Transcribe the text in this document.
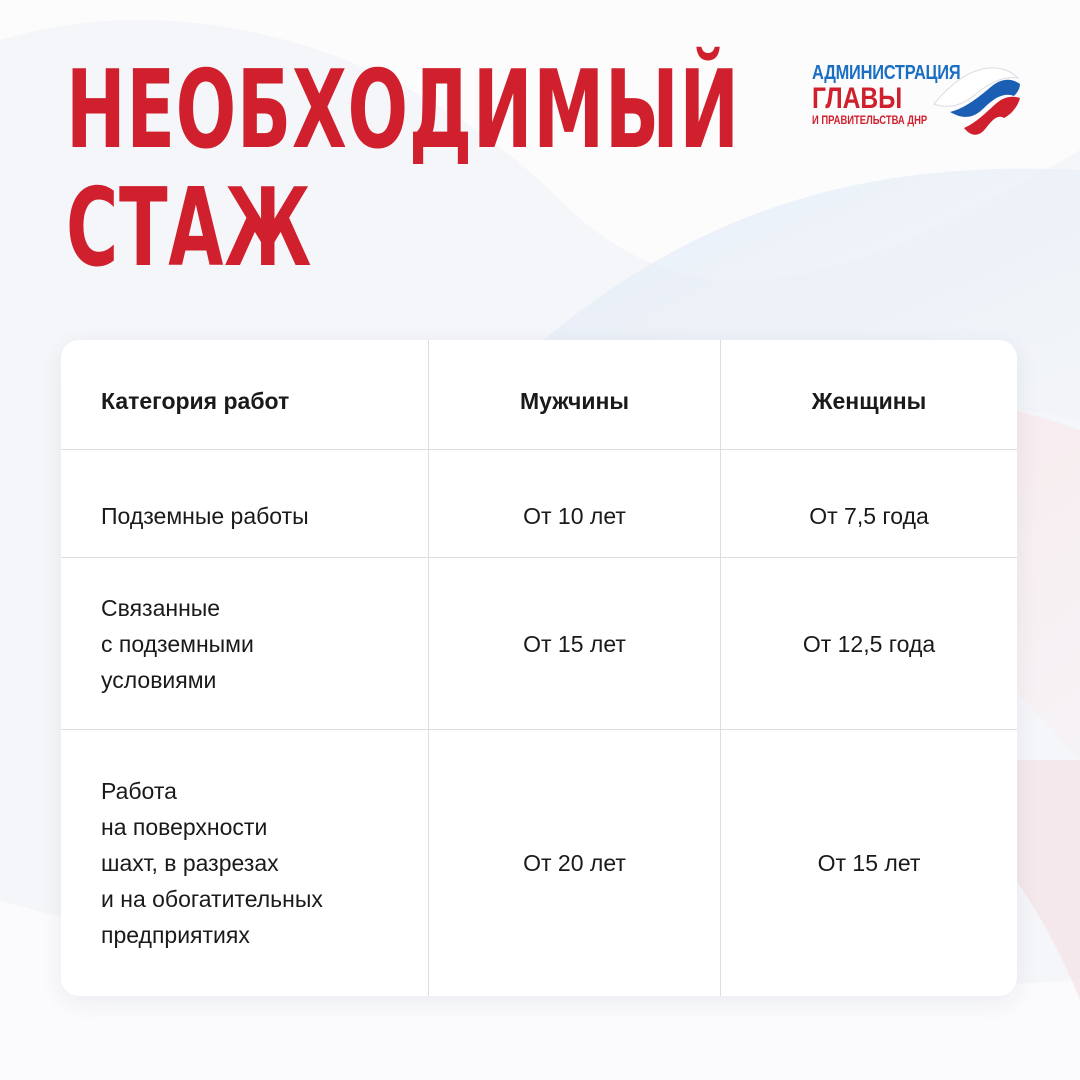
НЕОБХОДИМЫЙ
СТАЖ
АДМИНИСТРАЦИЯ
ГЛАВЫ
И ПРАВИТЕЛЬСТВА ДНР
Категория работ	Мужчины	Женщины
Подземные работы	От 10 лет	От 7,5 года
Связанные
с подземными
условиями
От 15 лет	От 12,5 года
Работа
на поверхности
шахт, в разрезах
и на обогатительных
предприятиях
От 20 лет	От 15 лет
